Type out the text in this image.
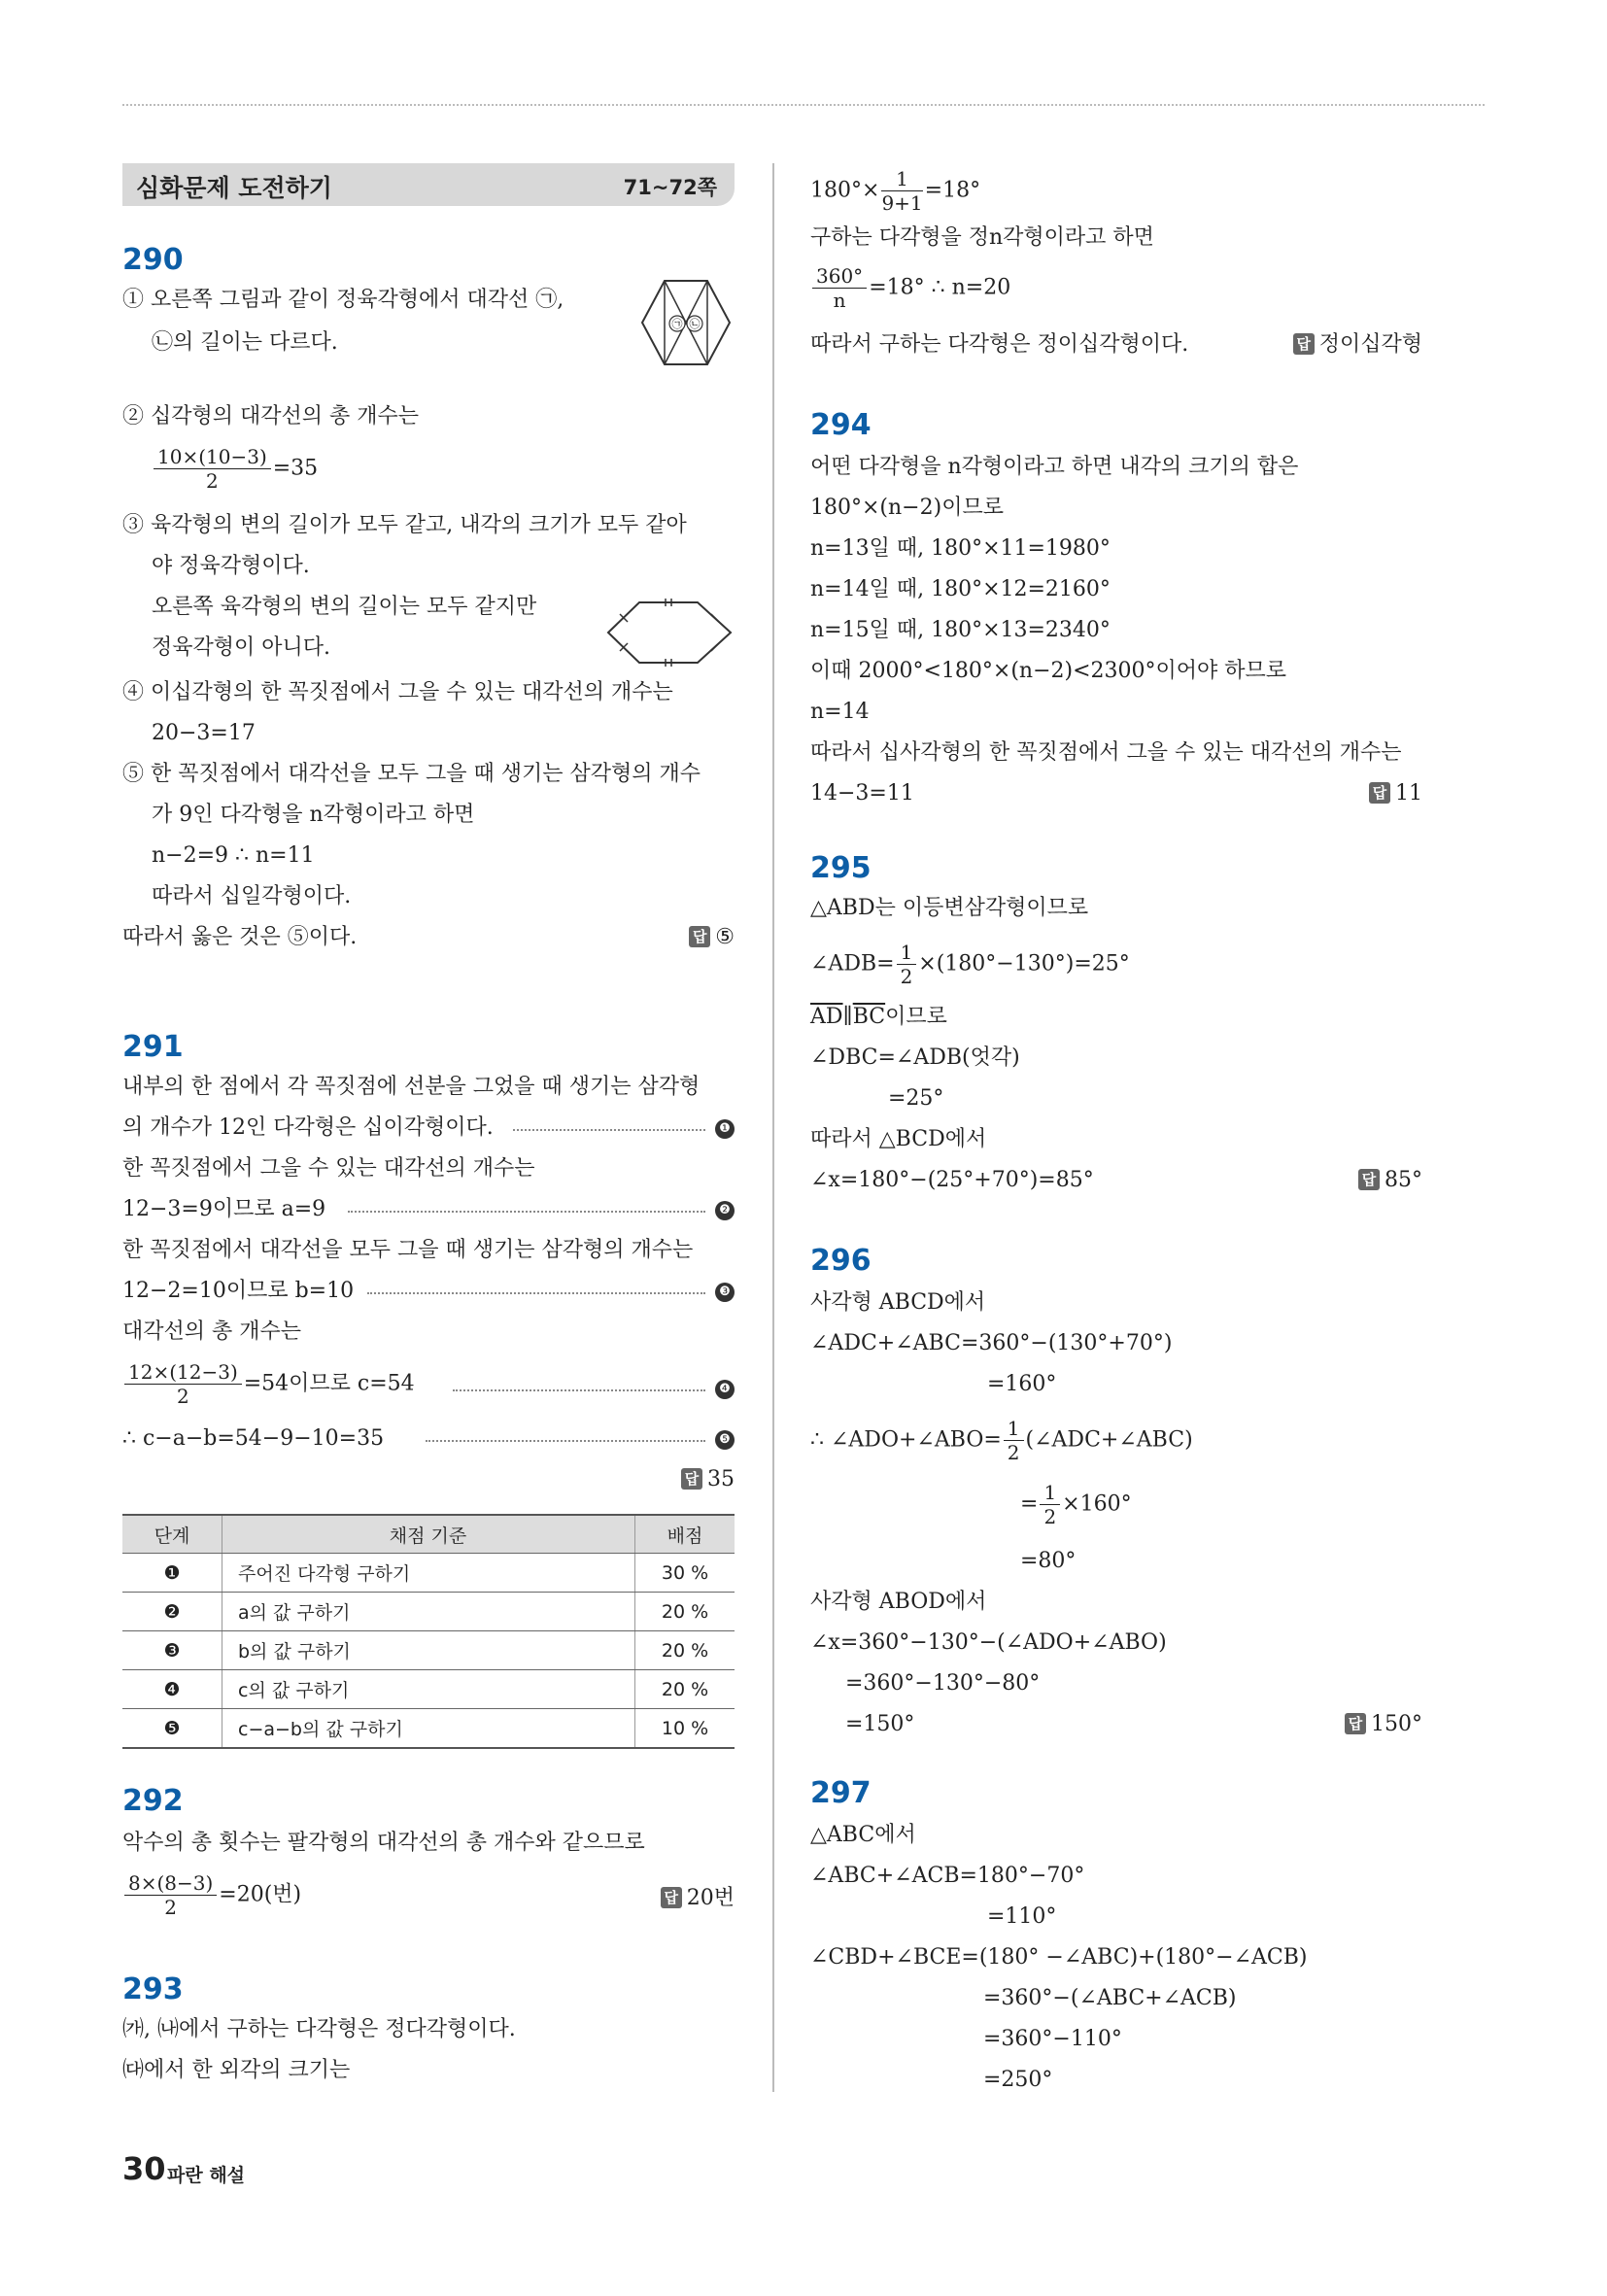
심화문제 도전하기	71~72쪽
290
① 오른쪽 그림과 같이 정육각형에서 대각선 ㉠,
㉡의 길이는 다르다.
㉠ ㉡
② 십각형의 대각선의 총 개수는
$\frac{10\times(10-3)}{2} =35$
③ 육각형의 변의 길이가 모두 같고, 내각의 크기가 모두 같아
야 정육각형이다.
오른쪽 육각형의 변의 길이는 모두 같지만
정육각형이 아니다.
④ 이십각형의 한 꼭짓점에서 그을 수 있는 대각선의 개수는
20−3=17
⑤ 한 꼭짓점에서 대각선을 모두 그을 때 생기는 삼각형의 개수
가 9인 다각형을 n각형이라고 하면
n−2=9 ∴ n=11
따라서 십일각형이다.
따라서 옳은 것은 ⑤이다.	답 ⑤
291
내부의 한 점에서 각 꼭짓점에 선분을 그었을 때 생기는 삼각형
의 개수가 12인 다각형은 십이각형이다.	❶
한 꼭짓점에서 그을 수 있는 대각선의 개수는
12−3=9이므로 a=9	❷
한 꼭짓점에서 대각선을 모두 그을 때 생기는 삼각형의 개수는
12−2=10이므로 b=10	❸
대각선의 총 개수는
$\frac{12\times(12-3)}{2} =54$이므로 c=54	❹
∴ c−a−b=54−9−10=35	❺
답 35
단계	채점 기준	배점
❶	주어진 다각형 구하기	30 %
❷	a의 값 구하기	20 %
❸	b의 값 구하기	20 %
❹	c의 값 구하기	20 %
❺	c−a−b의 값 구하기	10 %
292
악수의 총 횟수는 팔각형의 대각선의 총 개수와 같으므로
$\frac{8\times(8-3)}{2} =20$(번)	답 20번
293
㈎, ㈏에서 구하는 다각형은 정다각형이다.
㈐에서 한 외각의 크기는
$180^\circ\times \frac{1}{9+1} =18^\circ$
구하는 다각형을 정n각형이라고 하면
$\frac{360^\circ}{n} =18^\circ$ ∴ n=20
따라서 구하는 다각형은 정이십각형이다.	답 정이십각형
294
어떤 다각형을 n각형이라고 하면 내각의 크기의 합은
180°×(n−2)이므로
n=13일 때, 180°×11=1980°
n=14일 때, 180°×12=2160°
n=15일 때, 180°×13=2340°
이때 2000°<180°×(n−2)<2300°이어야 하므로
n=14
따라서 십사각형의 한 꼭짓점에서 그을 수 있는 대각선의 개수는
14−3=11	답 11
295
△ABD는 이등변삼각형이므로
∠ADB= $\frac{1}{2} \times(180^\circ-130^\circ)=25^\circ$
$\overline{AD}\parallel\overline{BC}$이므로
∠DBC=∠ADB(엇각)
=25°
따라서 △BCD에서
∠x=180°−(25°+70°)=85°	답 85°
296
사각형 ABCD에서
∠ADC+∠ABC=360°−(130°+70°)
=160°
∴ ∠ADO+∠ABO= $\frac{1}{2}$ (∠ADC+∠ABC)
= $\frac{1}{2} \times 160^\circ$
=80°
사각형 ABOD에서
∠x=360°−130°−(∠ADO+∠ABO)
=360°−130°−80°
=150°	답 150°
297
△ABC에서
∠ABC+∠ACB=180°−70°
=110°
∠CBD+∠BCE=(180° −∠ABC)+(180°−∠ACB)
=360°−(∠ABC+∠ACB)
=360°−110°
=250°
30 파란 해설
